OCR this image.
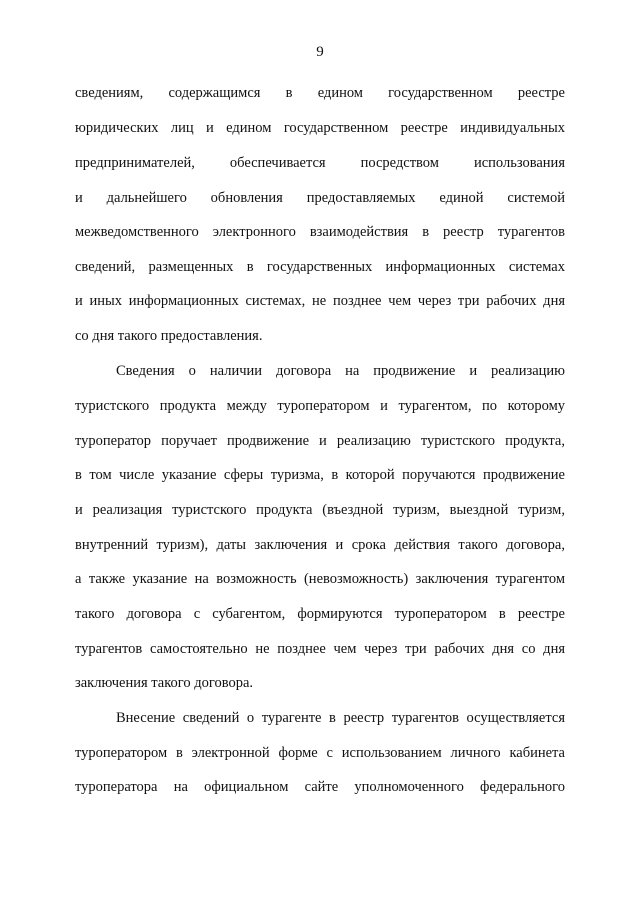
9
сведениям, содержащимся в едином государственном реестре
юридических лиц и едином государственном реестре индивидуальных
предпринимателей, обеспечивается посредством использования
и дальнейшего обновления предоставляемых единой системой
межведомственного электронного взаимодействия в реестр турагентов
сведений, размещенных в государственных информационных системах
и иных информационных системах, не позднее чем через три рабочих дня
со дня такого предоставления.
Сведения о наличии договора на продвижение и реализацию
туристского продукта между туроператором и турагентом, по которому
туроператор поручает продвижение и реализацию туристского продукта,
в том числе указание сферы туризма, в которой поручаются продвижение
и реализация туристского продукта (въездной туризм, выездной туризм,
внутренний туризм), даты заключения и срока действия такого договора,
а также указание на возможность (невозможность) заключения турагентом
такого договора с субагентом, формируются туроператором в реестре
турагентов самостоятельно не позднее чем через три рабочих дня со дня
заключения такого договора.
Внесение сведений о турагенте в реестр турагентов осуществляется
туроператором в электронной форме с использованием личного кабинета
туроператора на официальном сайте уполномоченного федерального
